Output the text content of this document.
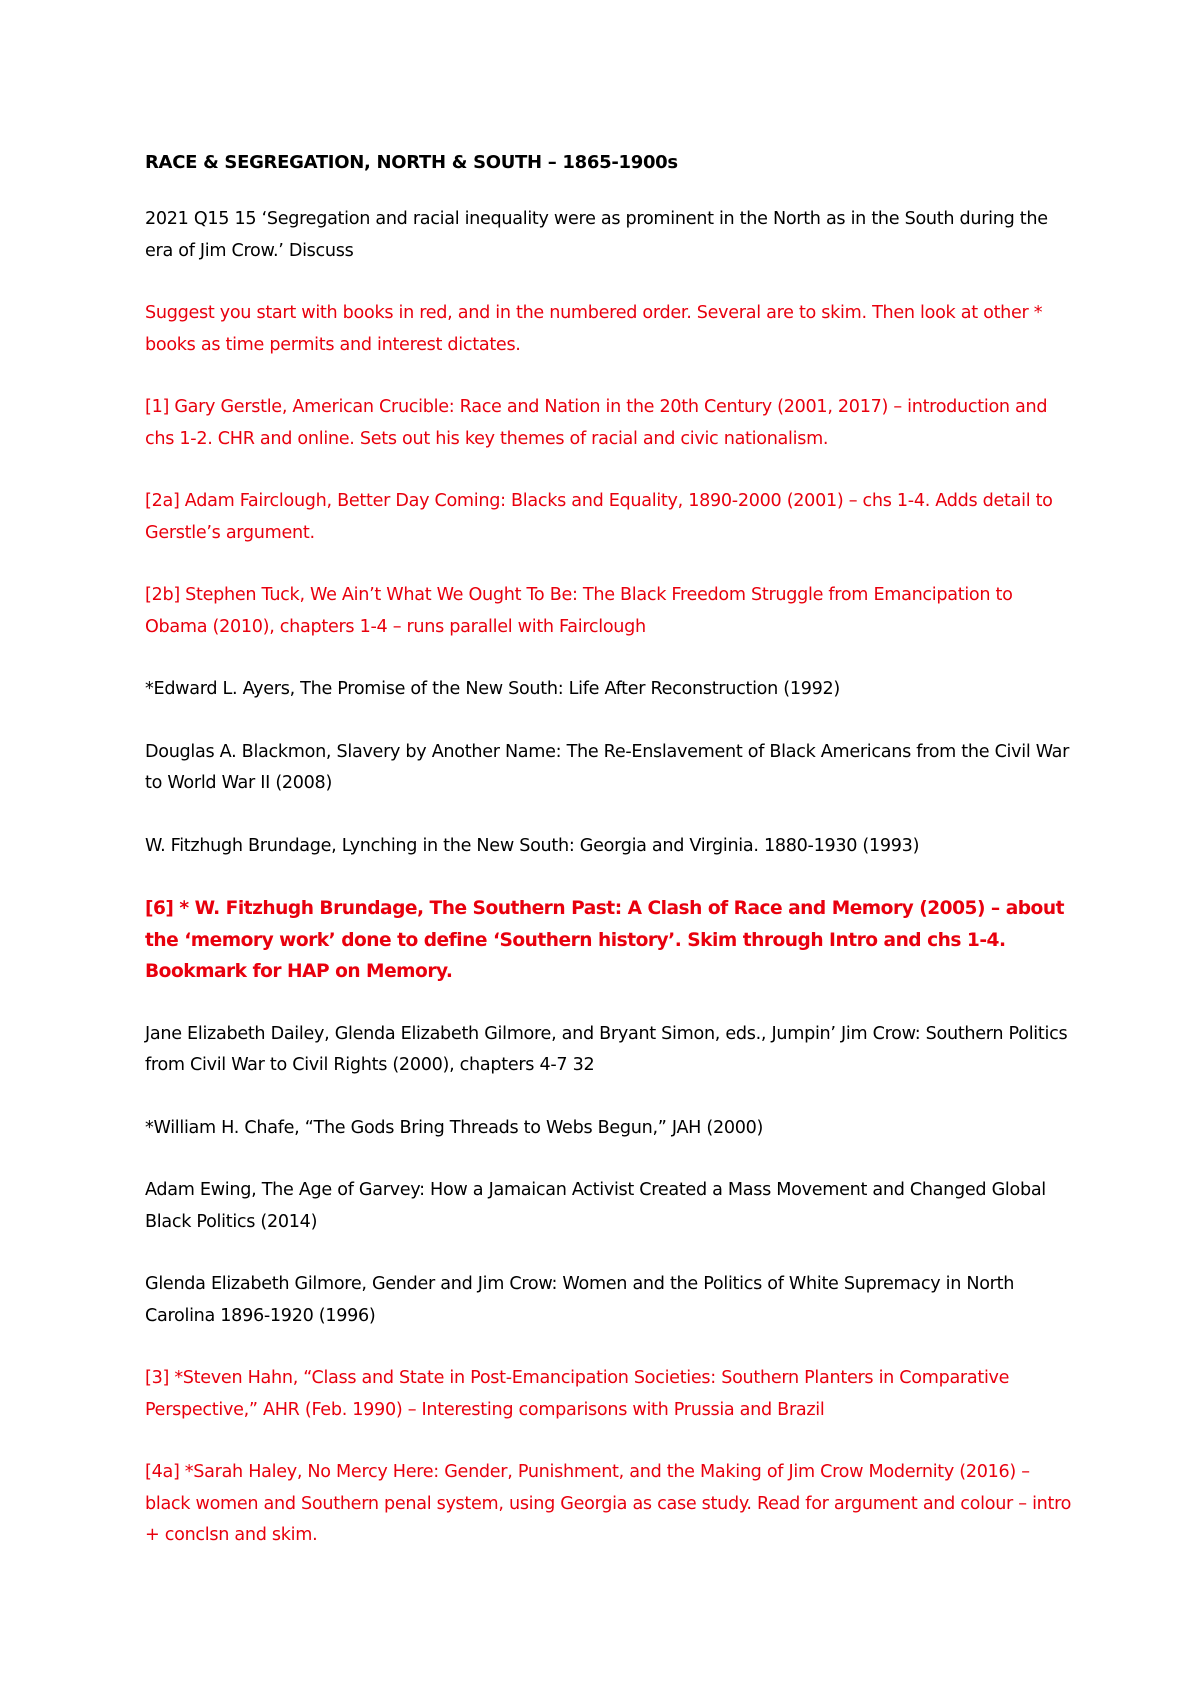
RACE & SEGREGATION, NORTH & SOUTH – 1865-1900s
2021 Q15 15 ‘Segregation and racial inequality were as prominent in the North as in the South during the era of Jim Crow.’ Discuss
Suggest you start with books in red, and in the numbered order. Several are to skim. Then look at other * books as time permits and interest dictates.
[1] Gary Gerstle, American Crucible: Race and Nation in the 20th Century (2001, 2017) – introduction and chs 1-2. CHR and online. Sets out his key themes of racial and civic nationalism.
[2a] Adam Fairclough, Better Day Coming: Blacks and Equality, 1890-2000 (2001) – chs 1-4. Adds detail to Gerstle’s argument.
[2b] Stephen Tuck, We Ain’t What We Ought To Be: The Black Freedom Struggle from Emancipation to Obama (2010), chapters 1-4 – runs parallel with Fairclough
*Edward L. Ayers, The Promise of the New South: Life After Reconstruction (1992)
Douglas A. Blackmon, Slavery by Another Name: The Re-Enslavement of Black Americans from the Civil War to World War II (2008)
W. Fitzhugh Brundage, Lynching in the New South: Georgia and Virginia. 1880-1930 (1993)
[6] * W. Fitzhugh Brundage, The Southern Past: A Clash of Race and Memory (2005) – about the ‘memory work’ done to define ‘Southern history’. Skim through Intro and chs 1-4. Bookmark for HAP on Memory.
Jane Elizabeth Dailey, Glenda Elizabeth Gilmore, and Bryant Simon, eds., Jumpin’ Jim Crow: Southern Politics from Civil War to Civil Rights (2000), chapters 4-7 32
*William H. Chafe, “The Gods Bring Threads to Webs Begun,” JAH (2000)
Adam Ewing, The Age of Garvey: How a Jamaican Activist Created a Mass Movement and Changed Global Black Politics (2014)
Glenda Elizabeth Gilmore, Gender and Jim Crow: Women and the Politics of White Supremacy in North Carolina 1896-1920 (1996)
[3] *Steven Hahn, “Class and State in Post-Emancipation Societies: Southern Planters in Comparative Perspective,” AHR (Feb. 1990) – Interesting comparisons with Prussia and Brazil
[4a] *Sarah Haley, No Mercy Here: Gender, Punishment, and the Making of Jim Crow Modernity (2016) – black women and Southern penal system, using Georgia as case study. Read for argument and colour – intro + conclsn and skim.
